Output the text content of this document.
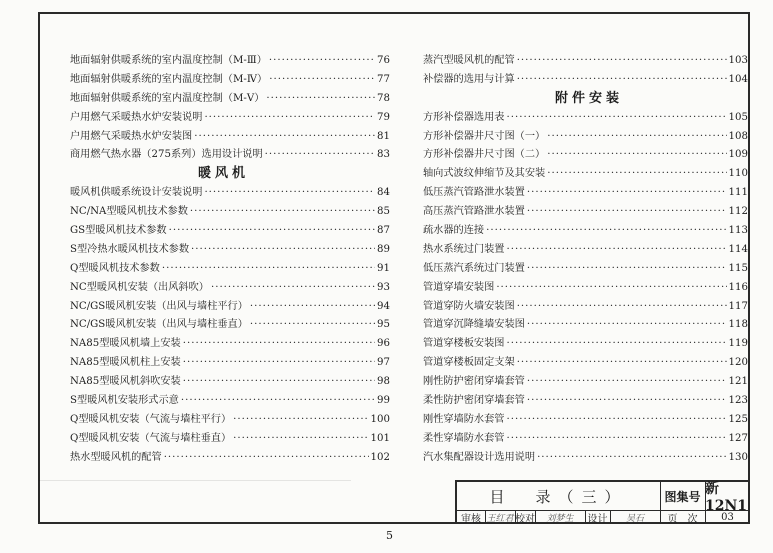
地面辐射供暖系统的室内温度控制（M-Ⅲ） ·····	76
地面辐射供暖系统的室内温度控制（M-Ⅳ） ·····	77
地面辐射供暖系统的室内温度控制（M-Ⅴ） ·····	78
户用燃气采暖热水炉安装说明 ·····	79
户用燃气采暖热水炉安装图 ·····	81
商用燃气热水器（275系列）选用设计说明 ·····	83
暖风机
暖风机供暖系统设计安装说明 ·····	84
NC/NA型暖风机技术参数 ·····	85
GS型暖风机技术参数 ·····	87
S型冷热水暖风机技术参数 ·····	89
Q型暖风机技术参数 ·····	91
NC型暖风机安装（出风斜吹） ·····	93
NC/GS暖风机安装（出风与墙柱平行） ·····	94
NC/GS暖风机安装（出风与墙柱垂直） ·····	95
NA85型暖风机墙上安装 ·····	96
NA85型暖风机柱上安装 ·····	97
NA85型暖风机斜吹安装 ·····	98
S型暖风机安装形式示意 ·····	99
Q型暖风机安装（气流与墙柱平行） ·····	100
Q型暖风机安装（气流与墙柱垂直） ·····	101
热水型暖风机的配管 ·····	102
蒸汽型暖风机的配管 ·····	103
补偿器的选用与计算 ·····	104
附件安装
方形补偿器选用表 ·····	105
方形补偿器井尺寸图（一） ·····	108
方形补偿器井尺寸图（二） ·····	109
轴向式波纹伸缩节及其安装 ·····	110
低压蒸汽管路泄水装置 ·····	111
高压蒸汽管路泄水装置 ·····	112
疏水器的连接 ·····	113
热水系统过门装置 ·····	114
低压蒸汽系统过门装置 ·····	115
管道穿墙安装图 ·····	116
管道穿防火墙安装图 ·····	117
管道穿沉降缝墙安装图 ·····	118
管道穿楼板安装图 ·····	119
管道穿楼板固定支架 ·····	120
刚性防护密闭穿墙套管 ·····	121
柔性防护密闭穿墙套管 ·····	123
刚性穿墙防水套管 ·····	125
柔性穿墙防水套管 ·····	127
汽水集配器设计选用说明 ·····	130
目　录（三）	图集号 新12N1
审核 王红君 校对	刘梦生	设计	吴石	页　次	03
5
